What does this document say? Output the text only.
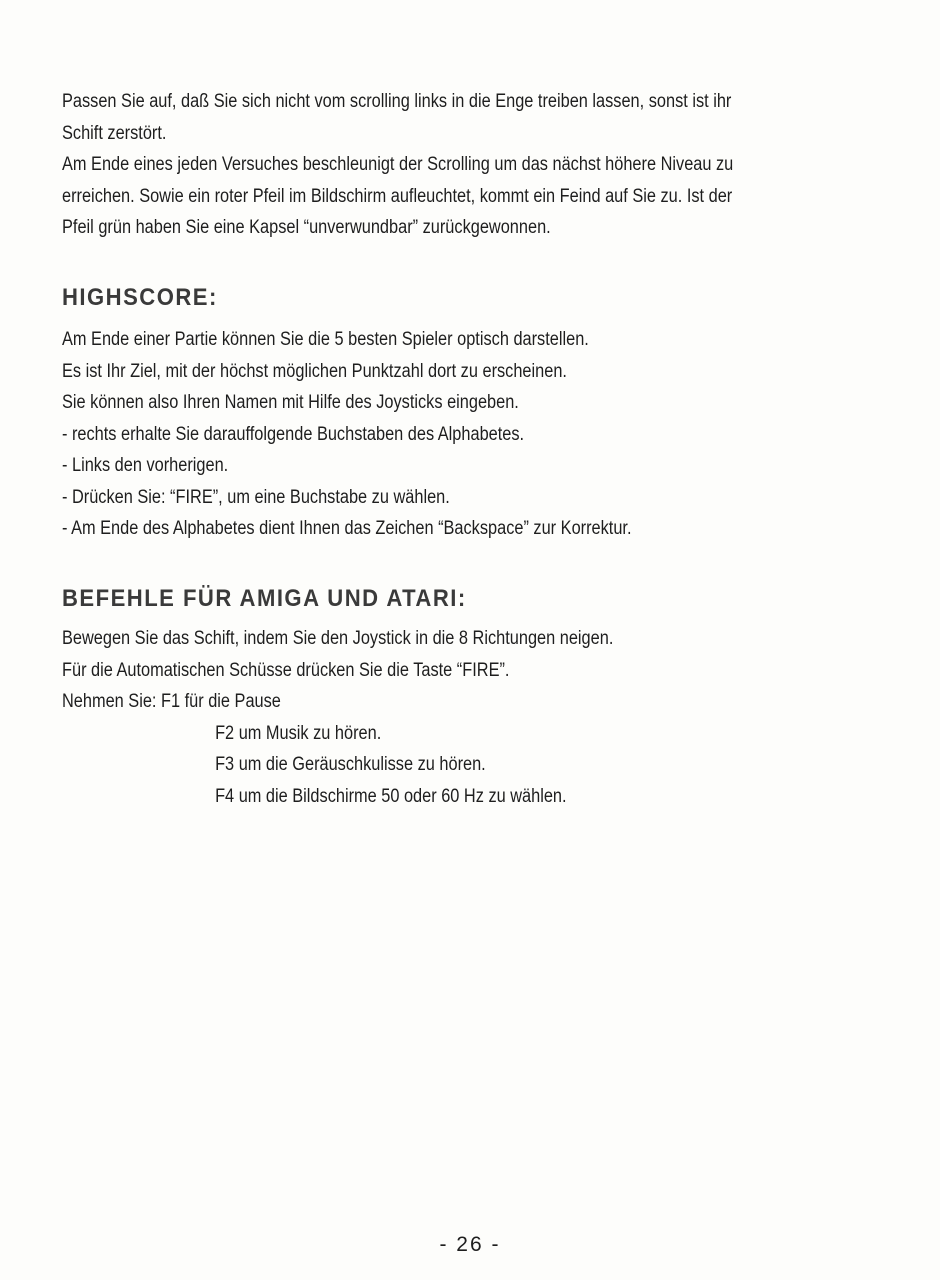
Passen Sie auf, daß Sie sich nicht vom scrolling links in die Enge treiben lassen, sonst ist ihr
Schift zerstört.
Am Ende eines jeden Versuches beschleunigt der Scrolling um das nächst höhere Niveau zu
erreichen. Sowie ein roter Pfeil im Bildschirm aufleuchtet, kommt ein Feind auf Sie zu. Ist der
Pfeil grün haben Sie eine Kapsel “unverwundbar” zurückgewonnen.
HIGHSCORE:
Am Ende einer Partie können Sie die 5 besten Spieler optisch darstellen.
Es ist Ihr Ziel, mit der höchst möglichen Punktzahl dort zu erscheinen.
Sie können also Ihren Namen mit Hilfe des Joysticks eingeben.
- rechts erhalte Sie darauffolgende Buchstaben des Alphabetes.
- Links den vorherigen.
- Drücken Sie: “FIRE”, um eine Buchstabe zu wählen.
- Am Ende des Alphabetes dient Ihnen das Zeichen “Backspace” zur Korrektur.
BEFEHLE FÜR AMIGA UND ATARI:
Bewegen Sie das Schift, indem Sie den Joystick in die 8 Richtungen neigen.
Für die Automatischen Schüsse drücken Sie die Taste “FIRE”.
Nehmen Sie: F1 für die Pause
F2 um Musik zu hören.
F3 um die Geräuschkulisse zu hören.
F4 um die Bildschirme 50 oder 60 Hz zu wählen.
- 26 -
